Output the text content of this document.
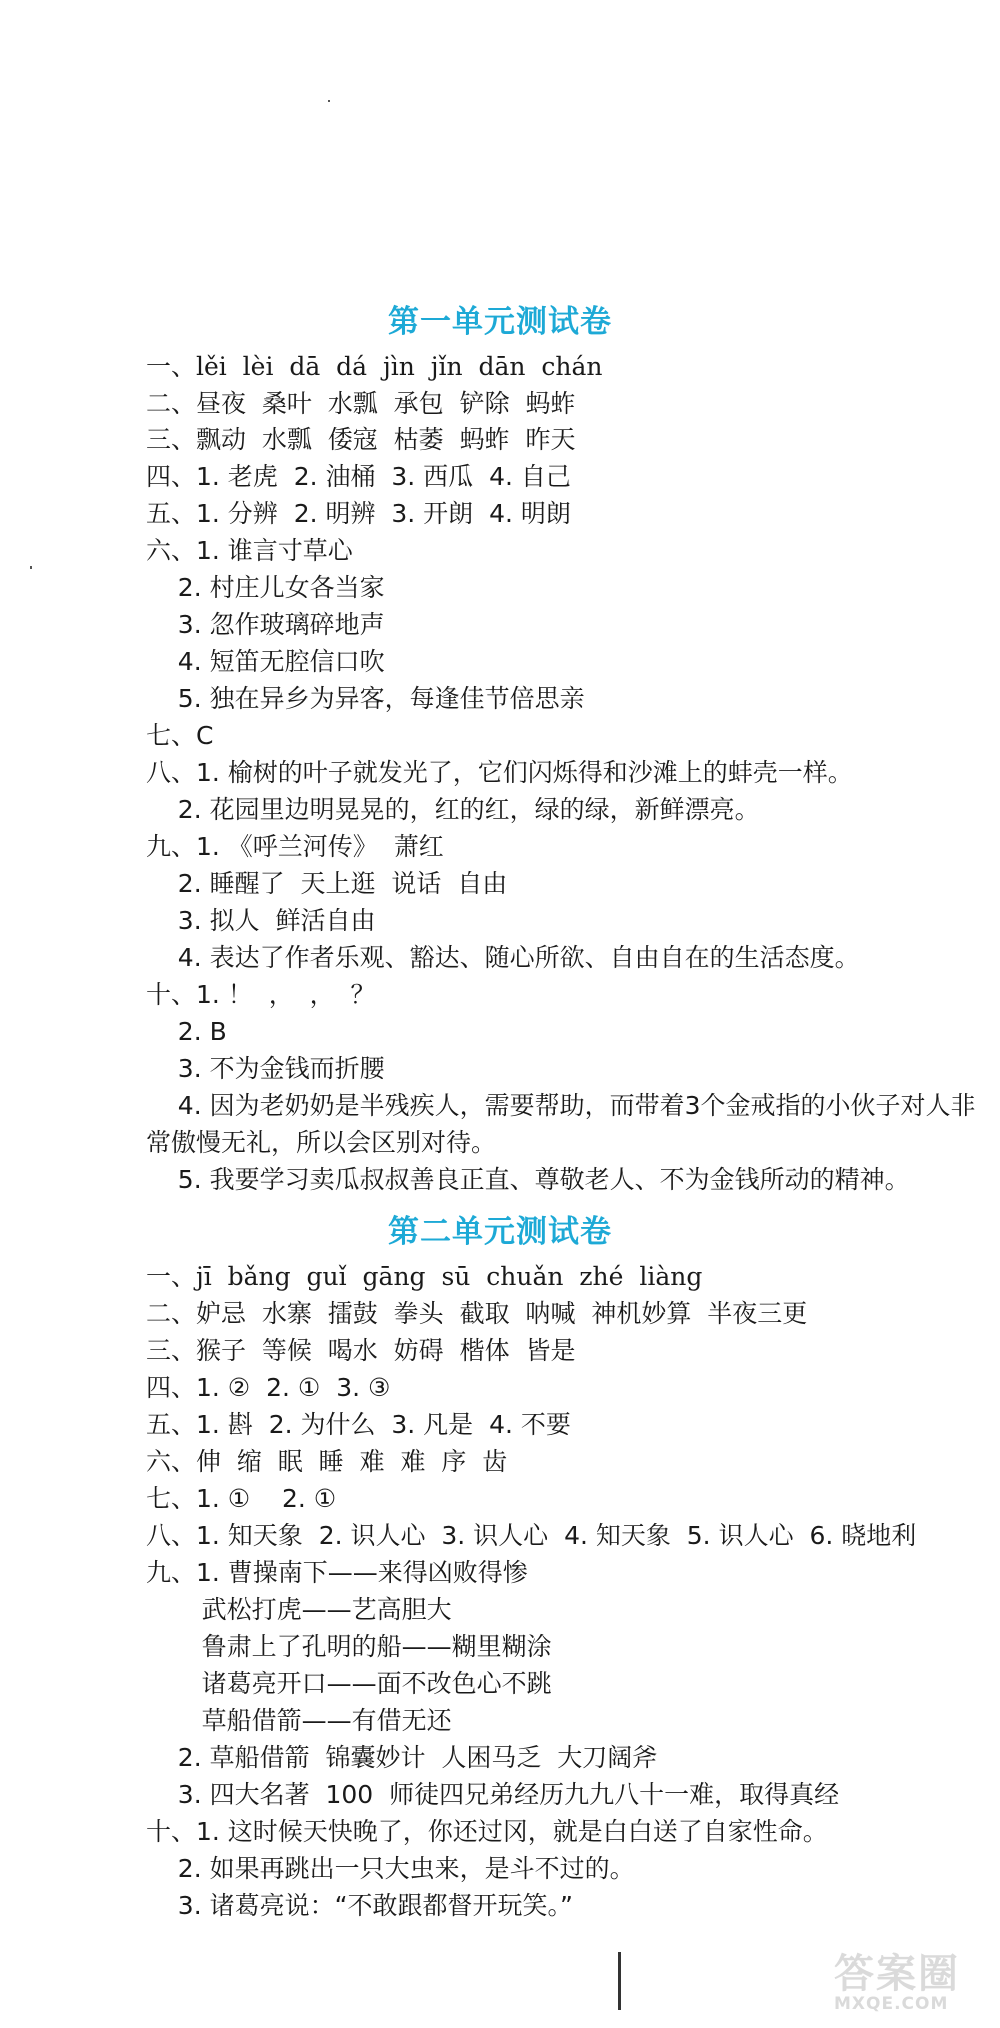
第一单元测试卷
一、lěi  lèi  dā  dá  jìn  jǐn  dān  chán
二、昼夜  桑叶  水瓢  承包  铲除  蚂蚱
三、飘动  水瓢  倭寇  枯萎  蚂蚱  昨天
四、1. 老虎  2. 油桶  3. 西瓜  4. 自己
五、1. 分辨  2. 明辨  3. 开朗  4. 明朗
六、1. 谁言寸草心
2. 村庄儿女各当家
3. 忽作玻璃碎地声
4. 短笛无腔信口吹
5. 独在异乡为异客，每逢佳节倍思亲
七、C
八、1. 榆树的叶子就发光了，它们闪烁得和沙滩上的蚌壳一样。
2. 花园里边明晃晃的，红的红，绿的绿，新鲜漂亮。
九、1. 《呼兰河传》  萧红
2. 睡醒了  天上逛  说话  自由
3. 拟人  鲜活自由
4. 表达了作者乐观、豁达、随心所欲、自由自在的生活态度。
十、1. ！  ，  ，  ？
2. B
3. 不为金钱而折腰
4. 因为老奶奶是半残疾人，需要帮助，而带着3个金戒指的小伙子对人非
常傲慢无礼，所以会区别对待。
5. 我要学习卖瓜叔叔善良正直、尊敬老人、不为金钱所动的精神。
第二单元测试卷
一、jī  bǎng  guǐ  gāng  sū  chuǎn  zhé  liàng
二、妒忌  水寨  擂鼓  拳头  截取  呐喊  神机妙算  半夜三更
三、猴子  等候  喝水  妨碍  楷体  皆是
四、1. ②  2. ①  3. ③
五、1. 斟  2. 为什么  3. 凡是  4. 不要
六、伸  缩  眠  睡  难  难  序  齿
七、1. ①    2. ①
八、1. 知天象  2. 识人心  3. 识人心  4. 知天象  5. 识人心  6. 晓地利
九、1. 曹操南下——来得凶败得惨
武松打虎——艺高胆大
鲁肃上了孔明的船——糊里糊涂
诸葛亮开口——面不改色心不跳
草船借箭——有借无还
2. 草船借箭  锦囊妙计  人困马乏  大刀阔斧
3. 四大名著  100  师徒四兄弟经历九九八十一难，取得真经
十、1. 这时候天快晚了，你还过冈，就是白白送了自家性命。
2. 如果再跳出一只大虫来，是斗不过的。
3. 诸葛亮说：“不敢跟都督开玩笑。”
答案圈
MXQE.COM
